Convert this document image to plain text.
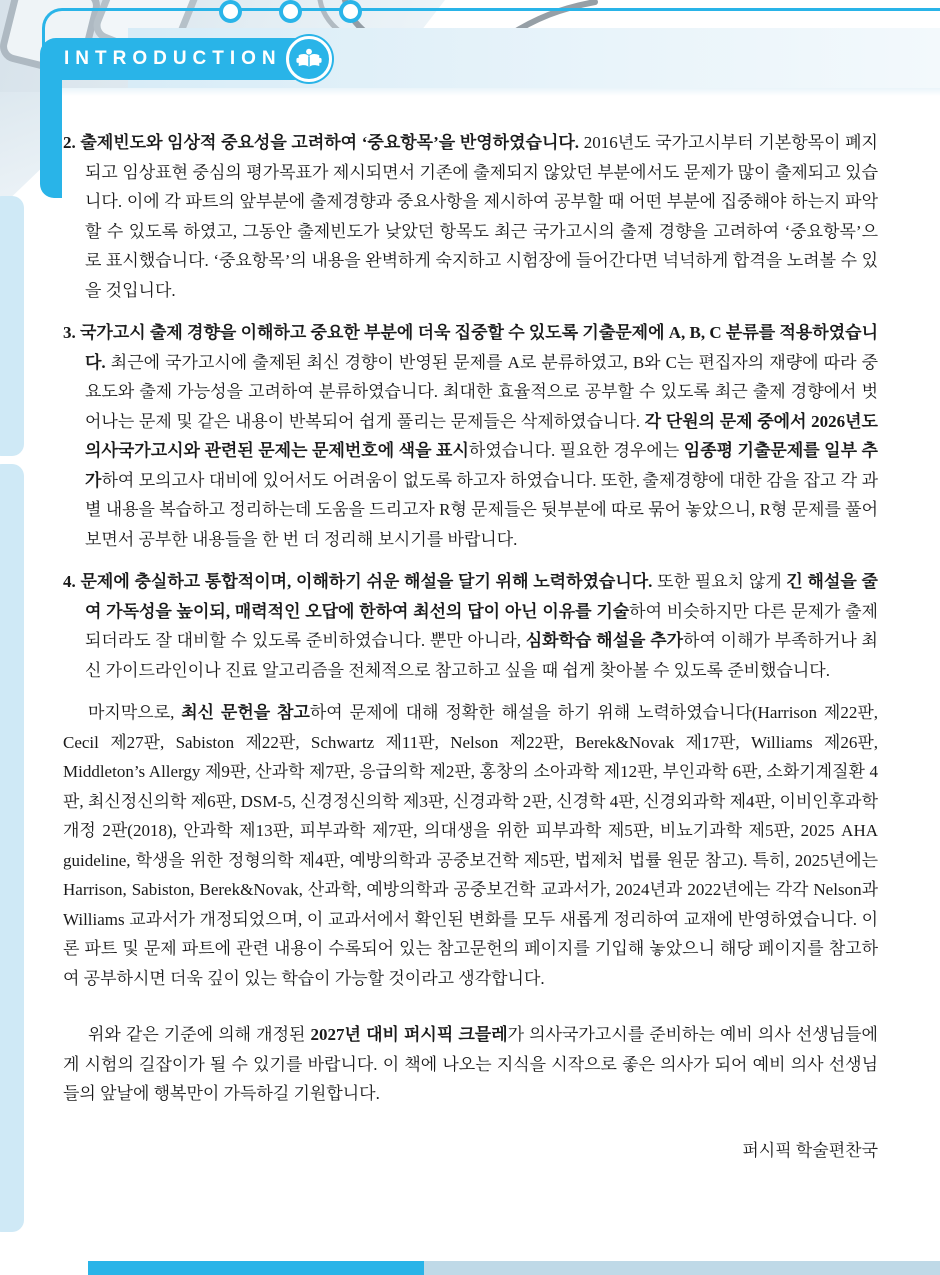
INTRODUCTION
2. 출제빈도와 임상적 중요성을 고려하여 ‘중요항목’을 반영하였습니다. 2016년도 국가고시부터 기본항목이 폐지되고 임상표현 중심의 평가목표가 제시되면서 기존에 출제되지 않았던 부분에서도 문제가 많이 출제되고 있습니다. 이에 각 파트의 앞부분에 출제경향과 중요사항을 제시하여 공부할 때 어떤 부분에 집중해야 하는지 파악할 수 있도록 하였고, 그동안 출제빈도가 낮았던 항목도 최근 국가고시의 출제 경향을 고려하여 ‘중요항목’으로 표시했습니다. ‘중요항목’의 내용을 완벽하게 숙지하고 시험장에 들어간다면 넉넉하게 합격을 노려볼 수 있을 것입니다.
3. 국가고시 출제 경향을 이해하고 중요한 부분에 더욱 집중할 수 있도록 기출문제에 A, B, C 분류를 적용하였습니다. 최근에 국가고시에 출제된 최신 경향이 반영된 문제를 A로 분류하였고, B와 C는 편집자의 재량에 따라 중요도와 출제 가능성을 고려하여 분류하였습니다. 최대한 효율적으로 공부할 수 있도록 최근 출제 경향에서 벗어나는 문제 및 같은 내용이 반복되어 쉽게 풀리는 문제들은 삭제하였습니다. 각 단원의 문제 중에서 2026년도 의사국가고시와 관련된 문제는 문제번호에 색을 표시하였습니다. 필요한 경우에는 임종평 기출문제를 일부 추가하여 모의고사 대비에 있어서도 어려움이 없도록 하고자 하였습니다. 또한, 출제경향에 대한 감을 잡고 각 과별 내용을 복습하고 정리하는데 도움을 드리고자 R형 문제들은 뒷부분에 따로 묶어 놓았으니, R형 문제를 풀어보면서 공부한 내용들을 한 번 더 정리해 보시기를 바랍니다.
4. 문제에 충실하고 통합적이며, 이해하기 쉬운 해설을 달기 위해 노력하였습니다. 또한 필요치 않게 긴 해설을 줄여 가독성을 높이되, 매력적인 오답에 한하여 최선의 답이 아닌 이유를 기술하여 비슷하지만 다른 문제가 출제되더라도 잘 대비할 수 있도록 준비하였습니다. 뿐만 아니라, 심화학습 해설을 추가하여 이해가 부족하거나 최신 가이드라인이나 진료 알고리즘을 전체적으로 참고하고 싶을 때 쉽게 찾아볼 수 있도록 준비했습니다.
마지막으로, 최신 문헌을 참고하여 문제에 대해 정확한 해설을 하기 위해 노력하였습니다(Harrison 제22판, Cecil 제27판, Sabiston 제22판, Schwartz 제11판, Nelson 제22판, Berek&Novak 제17판, Williams 제26판, Middleton’s Allergy 제9판, 산과학 제7판, 응급의학 제2판, 홍창의 소아과학 제12판, 부인과학 6판, 소화기계질환 4판, 최신정신의학 제6판, DSM-5, 신경정신의학 제3판, 신경과학 2판, 신경학 4판, 신경외과학 제4판, 이비인후과학 개정 2판(2018), 안과학 제13판, 피부과학 제7판, 의대생을 위한 피부과학 제5판, 비뇨기과학 제5판, 2025 AHA guideline, 학생을 위한 정형의학 제4판, 예방의학과 공중보건학 제5판, 법제처 법률 원문 참고). 특히, 2025년에는 Harrison, Sabiston, Berek&Novak, 산과학, 예방의학과 공중보건학 교과서가, 2024년과 2022년에는 각각 Nelson과 Williams 교과서가 개정되었으며, 이 교과서에서 확인된 변화를 모두 새롭게 정리하여 교재에 반영하였습니다. 이론 파트 및 문제 파트에 관련 내용이 수록되어 있는 참고문헌의 페이지를 기입해 놓았으니 해당 페이지를 참고하여 공부하시면 더욱 깊이 있는 학습이 가능할 것이라고 생각합니다.
위와 같은 기준에 의해 개정된 2027년 대비 퍼시픽 크믈레가 의사국가고시를 준비하는 예비 의사 선생님들에게 시험의 길잡이가 될 수 있기를 바랍니다. 이 책에 나오는 지식을 시작으로 좋은 의사가 되어 예비 의사 선생님들의 앞날에 행복만이 가득하길 기원합니다.
퍼시픽 학술편찬국
